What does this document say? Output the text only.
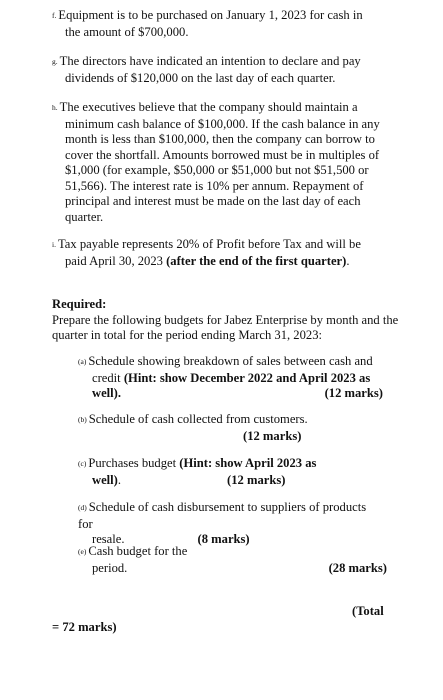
f. Equipment is to be purchased on January 1, 2023 for cash in
the amount of $700,000.
g. The directors have indicated an intention to declare and pay
dividends of $120,000 on the last day of each quarter.
h. The executives believe that the company should maintain a
minimum cash balance of $100,000. If the cash balance in any
month is less than $100,000, then the company can borrow to
cover the shortfall. Amounts borrowed must be in multiples of
$1,000 (for example, $50,000 or $51,000 but not $51,500 or
51,566). The interest rate is 10% per annum. Repayment of
principal and interest must be made on the last day of each
quarter.
i. Tax payable represents 20% of Profit before Tax and will be
paid April 30, 2023 (after the end of the first quarter).
Required:
Prepare the following budgets for Jabez Enterprise by month and the
quarter in total for the period ending March 31, 2023:
(a) Schedule showing breakdown of sales between cash and
credit (Hint: show December 2022 and April 2023 as
well).	(12 marks)
(b) Schedule of cash collected from customers.
(12 marks)
(c) Purchases budget (Hint: show April 2023 as
well).	(12 marks)
(d) Schedule of cash disbursement to suppliers of products for
resale.	(8 marks)
(e) Cash budget for the
period.	(28 marks)
(Total
= 72 marks)
